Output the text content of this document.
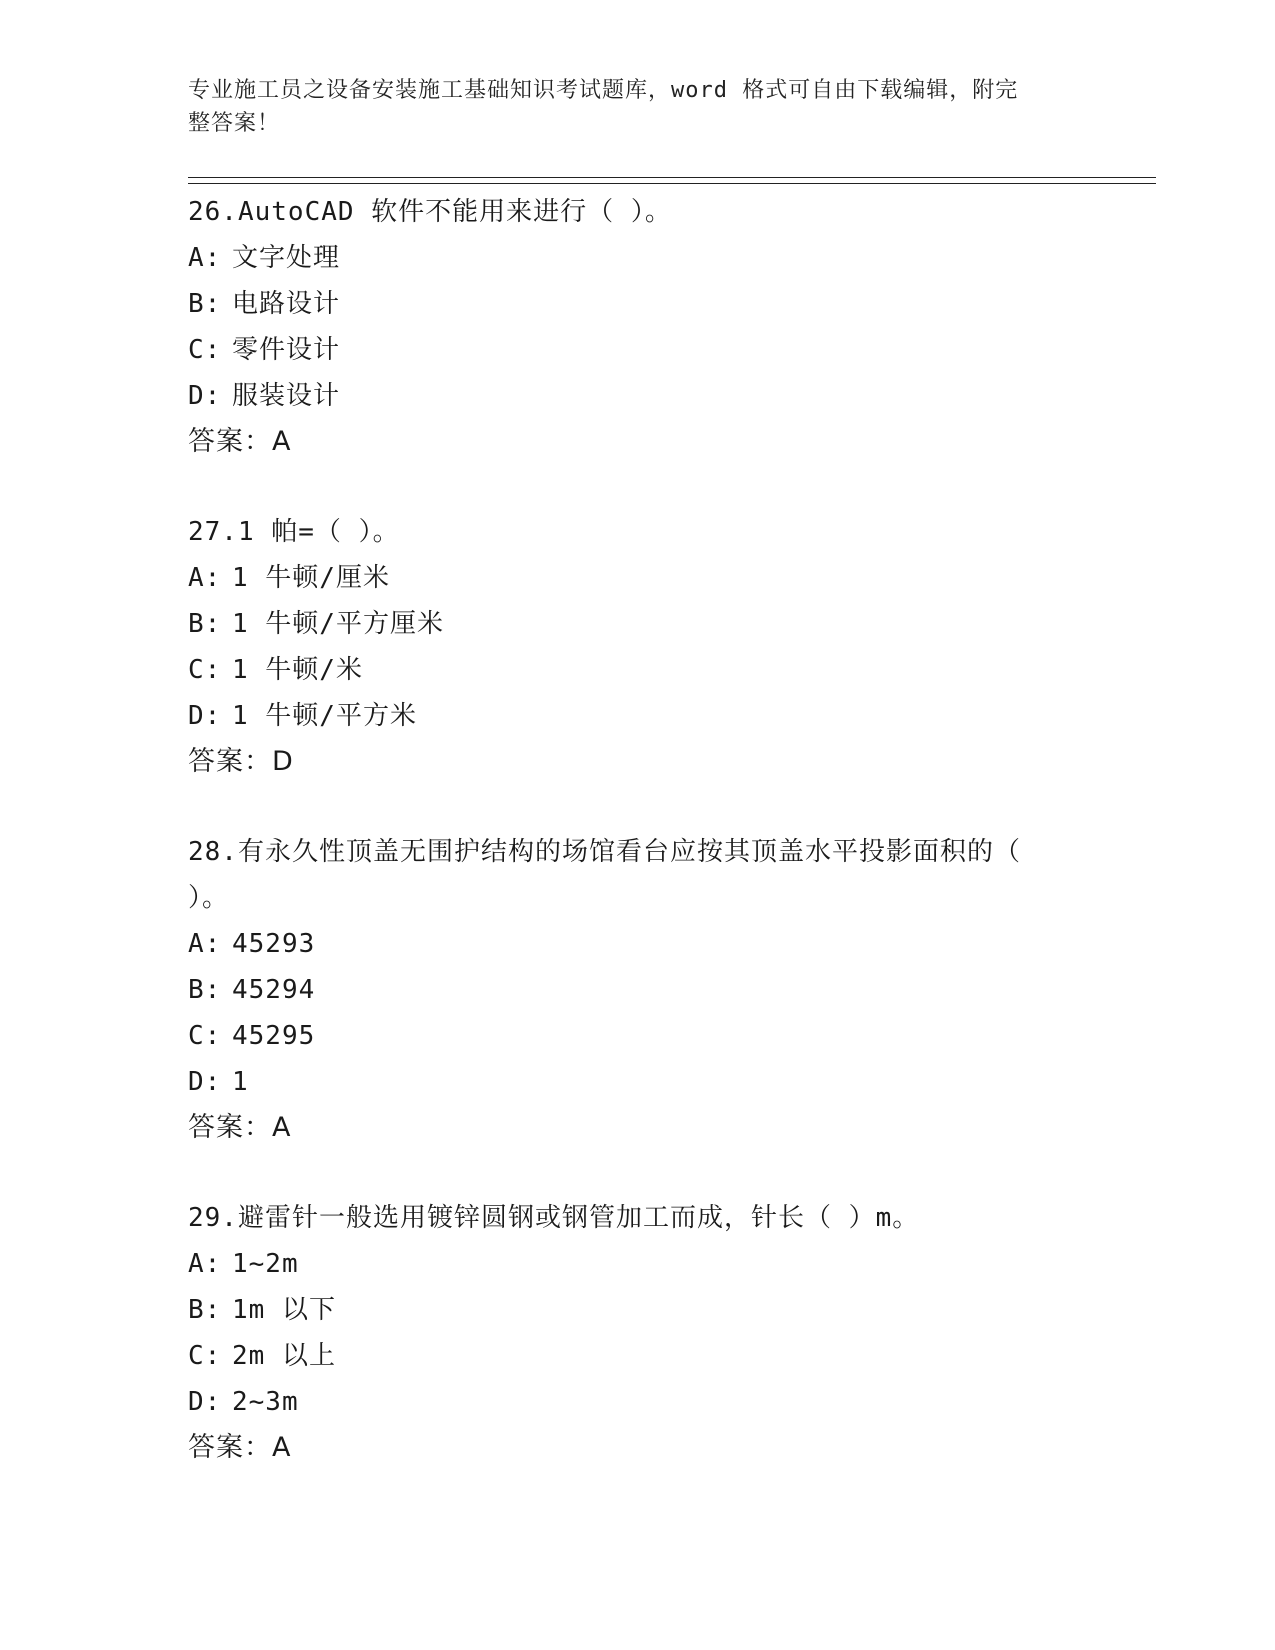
专业施工员之设备安装施工基础知识考试题库，word 格式可自由下载编辑，附完
整答案！

26.AutoCAD 软件不能用来进行（ ）。

A: 文字处理
B: 电路设计
C: 零件设计
D: 服装设计
答案：A

27.1 帕=（ ）。

A: 1 牛顿/厘米
B: 1 牛顿/平方厘米
C: 1 牛顿/米
D: 1 牛顿/平方米
答案：D

28.有永久性顶盖无围护结构的场馆看台应按其顶盖水平投影面积的（ ）。

A: 45293
B: 45294
C: 45295
D: 1
答案：A

29.避雷针一般选用镀锌圆钢或钢管加工而成，针长（ ）m。

A: 1~2m
B: 1m 以下
C: 2m 以上
D: 2~3m
答案：A
